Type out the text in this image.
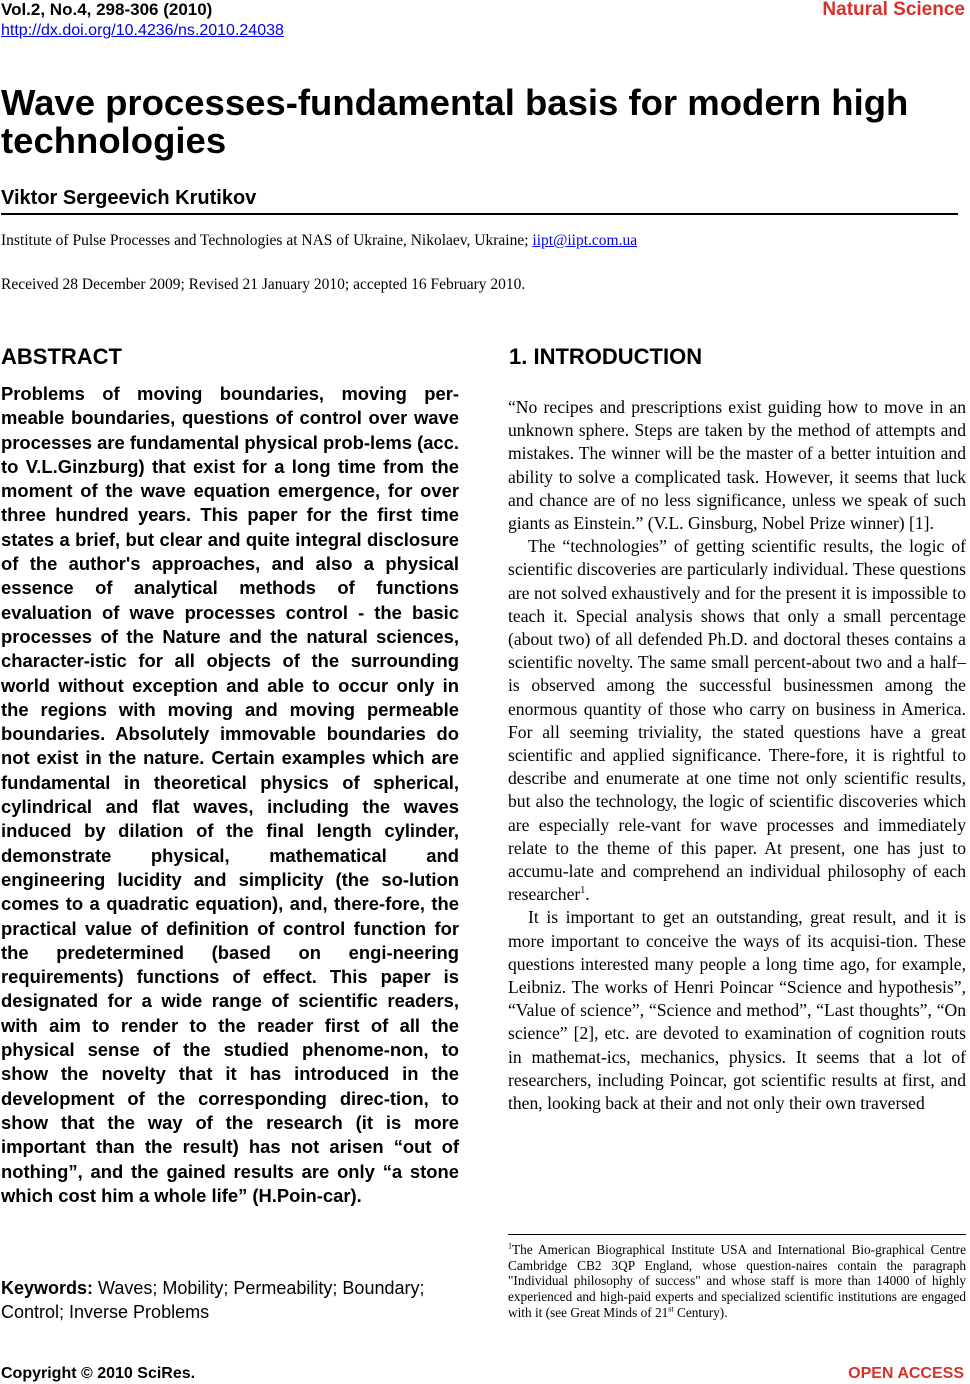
Vol.2, No.4, 298-306 (2010)
http://dx.doi.org/10.4236/ns.2010.24038
Natural Science
Wave processes-fundamental basis for modern high technologies
Viktor Sergeevich Krutikov
Institute of Pulse Processes and Technologies at NAS of Ukraine, Nikolaev, Ukraine; iipt@iipt.com.ua
Received 28 December 2009; Revised 21 January 2010; accepted 16 February 2010.
ABSTRACT
Problems of moving boundaries, moving per-meable boundaries, questions of control over wave processes are fundamental physical prob-lems (acc. to V.L.Ginzburg) that exist for a long time from the moment of the wave equation emergence, for over three hundred years. This paper for the first time states a brief, but clear and quite integral disclosure of the author's approaches, and also a physical essence of analytical methods of functions evaluation of wave processes control - the basic processes of the Nature and the natural sciences, character-istic for all objects of the surrounding world without exception and able to occur only in the regions with moving and moving permeable boundaries. Absolutely immovable boundaries do not exist in the nature. Certain examples which are fundamental in theoretical physics of spherical, cylindrical and flat waves, including the waves induced by dilation of the final length cylinder, demonstrate physical, mathematical and engineering lucidity and simplicity (the so-lution comes to a quadratic equation), and, there-fore, the practical value of definition of control function for the predetermined (based on engi-neering requirements) functions of effect. This paper is designated for a wide range of scientific readers, with aim to render to the reader first of all the physical sense of the studied phenome-non, to show the novelty that it has introduced in the development of the corresponding direc-tion, to show that the way of the research (it is more important than the result) has not arisen “out of nothing”, and the gained results are only “a stone which cost him a whole life” (H.Poin-car).
Keywords: Waves; Mobility; Permeability; Boundary; Control; Inverse Problems
1. INTRODUCTION

“No recipes and prescriptions exist guiding how to move in an unknown sphere. Steps are taken by the method of attempts and mistakes. The winner will be the master of a better intuition and ability to solve a complicated task. However, it seems that luck and chance are of no less significance, unless we speak of such giants as Einstein.” (V.L. Ginsburg, Nobel Prize winner) [1].

The “technologies” of getting scientific results, the logic of scientific discoveries are particularly individual. These questions are not solved exhaustively and for the present it is impossible to teach it. Special analysis shows that only a small percentage (about two) of all defended Ph.D. and doctoral theses contains a scientific novelty. The same small percent-about two and a half–is observed among the successful businessmen among the enormous quantity of those who carry on business in America. For all seeming triviality, the stated questions have a great scientific and applied significance. There-fore, it is rightful to describe and enumerate at one time not only scientific results, but also the technology, the logic of scientific discoveries which are especially rele-vant for wave processes and immediately relate to the theme of this paper. At present, one has just to accumu-late and comprehend an individual philosophy of each researcher$^1$.

It is important to get an outstanding, great result, and it is more important to conceive the ways of its acquisi-tion. These questions interested many people a long time ago, for example, Leibniz. The works of Henri Poincar “Science and hypothesis”, “Value of science”, “Science and method”, “Last thoughts”, “On science” [2], etc. are devoted to examination of cognition routs in mathemat-ics, mechanics, physics. It seems that a lot of researchers, including Poincar, got scientific results at first, and then, looking back at their and not only their own traversed

$^1$The American Biographical Institute USA and International Bio-graphical Centre Cambridge CB2 3QP England, whose question-naires contain the paragraph "Individual philosophy of success" and whose staff is more than 14000 of highly experienced and high-paid experts and specialized scientific institutions are engaged with it (see Great Minds of 21st Century).
Copyright © 2010 SciRes.	OPEN ACCESS
